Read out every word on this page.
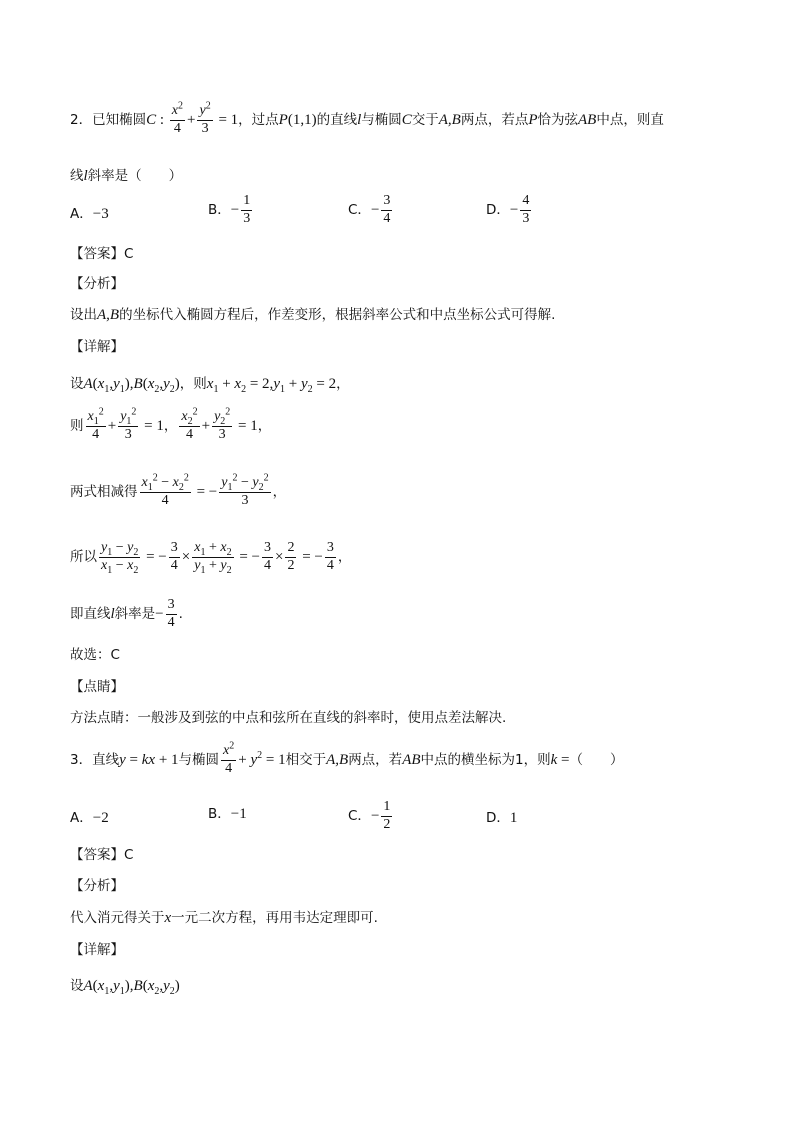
2．已知椭圆C : $\frac{x^2}{4} + \frac{y^2}{3} = 1$，过点P(1,1)的直线l与椭圆C交于A,B两点，若点P恰为弦AB中点，则直
线l斜率是（　　）
A．−3	B．− $\frac{1}{3}$	C．− $\frac{3}{4}$	D．− $\frac{4}{3}$
【答案】C
【分析】
设出A,B的坐标代入椭圆方程后，作差变形，根据斜率公式和中点坐标公式可得解.
【详解】
设$A(x_1,y_1),B(x_2,y_2)$，则$x_1 + x_2 = 2,y_1 + y_2 = 2$，
则 $\frac{x_1^2}{4} + \frac{y_1^2}{3} = 1$， $\frac{x_2^2}{4} + \frac{y_2^2}{3} = 1$，
两式相减得 $\frac{x_1^2 - x_2^2}{4}$ = − $\frac{y_1^2 - y_2^2}{3}$ ，
所以 $\frac{y_1 - y_2}{x_1 - x_2}$ = − $\frac{3}{4} \times \frac{x_1 + x_2}{y_1 + y_2}$ = − $\frac{3}{4} \times \frac{2}{2}$ = − $\frac{3}{4}$ ，
即直线l斜率是− $\frac{3}{4}$ .
故选：C
【点睛】
方法点睛：一般涉及到弦的中点和弦所在直线的斜率时，使用点差法解决.
3．直线y = kx + 1与椭圆 $\frac{x^2}{4} + y^2 = 1$相交于A,B两点，若AB中点的横坐标为1，则k =（　　）
A．−2	B．−1	C．− $\frac{1}{2}$	D．1
【答案】C
【分析】
代入消元得关于x一元二次方程，再用韦达定理即可.
【详解】
设$A(x_1,y_1),B(x_2,y_2)$
